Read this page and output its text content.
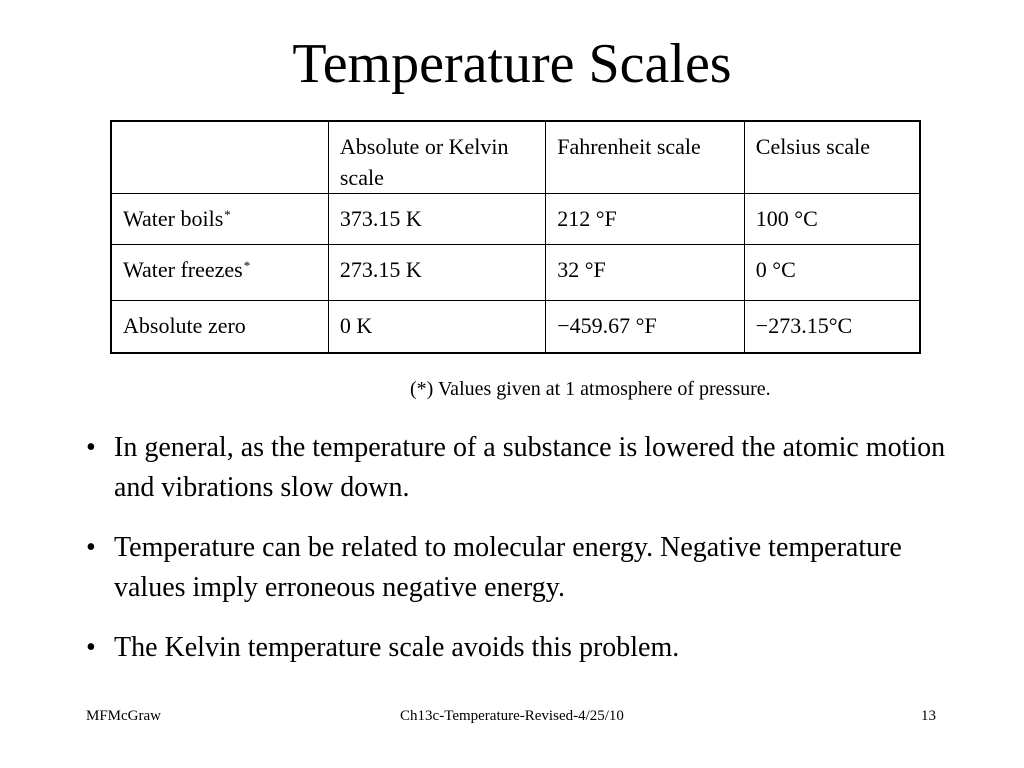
Temperature Scales
	Absolute or Kelvin scale	Fahrenheit scale	Celsius scale
Water boils*	373.15 K	212 °F	100 °C
Water freezes*	273.15 K	32 °F	0 °C
Absolute zero	0 K	−459.67 °F	−273.15°C
(*) Values given at 1 atmosphere of pressure.
• In general, as the temperature of a substance is lowered the atomic motion and vibrations slow down.
• Temperature can be related to molecular energy. Negative temperature values imply erroneous negative energy.
• The Kelvin temperature scale avoids this problem.
MFMcGraw	Ch13c-Temperature-Revised-4/25/10	13
